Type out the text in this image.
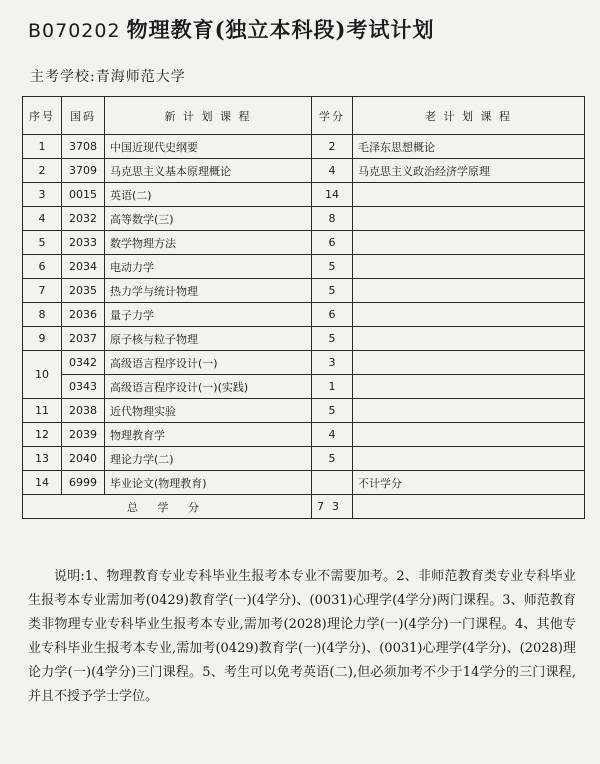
B070202 物理教育(独立本科段)考试计划
主考学校:青海师范大学
序号	国码	新 计 划 课 程	学分	老 计 划 课 程
1	3708	中国近现代史纲要	2	毛泽东思想概论
2	3709	马克思主义基本原理概论	4	马克思主义政治经济学原理
3	0015	英语(二)	14	
4	2032	高等数学(三)	8	
5	2033	数学物理方法	6	
6	2034	电动力学	5	
7	2035	热力学与统计物理	5	
8	2036	量子力学	6	
9	2037	原子核与粒子物理	5	
10	0342	高级语言程序设计(一)	3	
	0343	高级语言程序设计(一)(实践)	1	
11	2038	近代物理实验	5	
12	2039	物理教育学	4	
13	2040	理论力学(二)	5	
14	6999	毕业论文(物理教育)		不计学分
总 学 分			73	
说明:1、物理教育专业专科毕业生报考本专业不需要加考。2、非师范教育类专业专科毕业生报考本专业需加考(0429)教育学(一)(4学分)、(0031)心理学(4学分)两门课程。3、师范教育类非物理专业专科毕业生报考本专业,需加考(2028)理论力学(一)(4学分)一门课程。4、其他专业专科毕业生报考本专业,需加考(0429)教育学(一)(4学分)、(0031)心理学(4学分)、(2028)理论力学(一)(4学分)三门课程。5、考生可以免考英语(二),但必须加考不少于14学分的三门课程,并且不授予学士学位。
